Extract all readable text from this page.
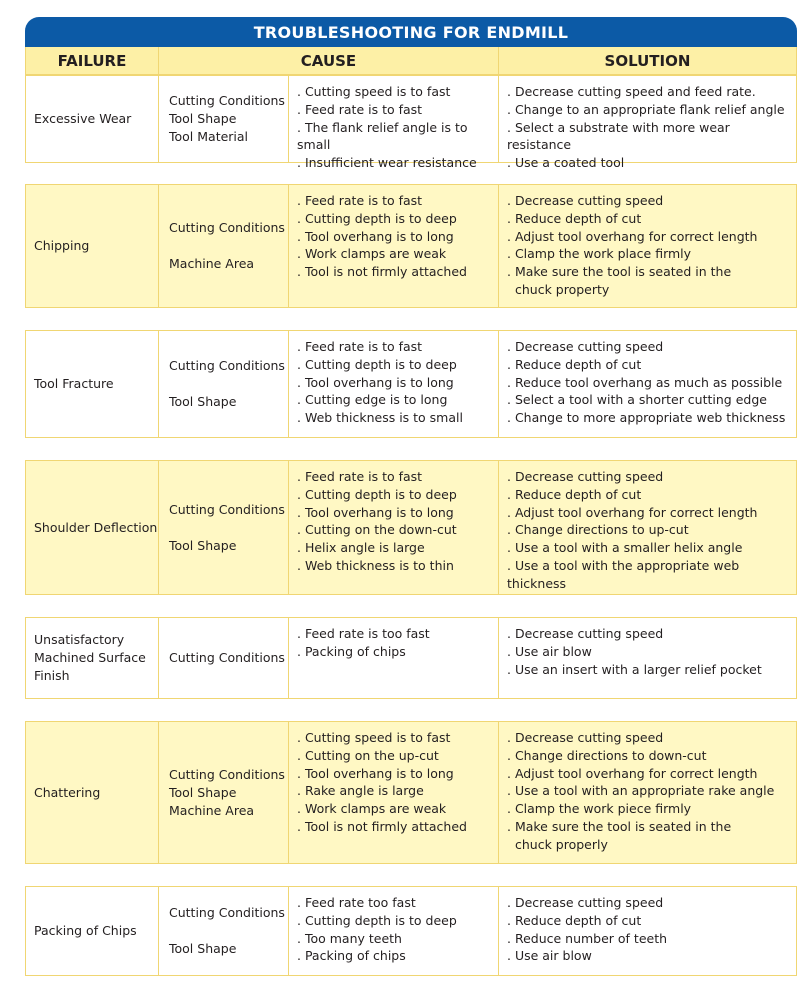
TROUBLESHOOTING FOR ENDMILL
FAILURE	CAUSE	SOLUTION
Excessive Wear
Cutting Conditions
Tool Shape
Tool Material
. Cutting speed is to fast
. Feed rate is to fast
. The flank relief angle is to small
. Insufficient wear resistance
. Decrease cutting speed and feed rate.
. Change to an appropriate flank relief angle
. Select a substrate with more wear resistance
. Use a coated tool
Chipping
Cutting Conditions

Machine Area
. Feed rate is to fast
. Cutting depth is to deep
. Tool overhang is to long
. Work clamps are weak
. Tool is not firmly attached
. Decrease cutting speed
. Reduce depth of cut
. Adjust tool overhang for correct length
. Clamp the work place firmly
. Make sure the tool is seated in the
chuck property
Tool Fracture
Cutting Conditions

Tool Shape
. Feed rate is to fast
. Cutting depth is to deep
. Tool overhang is to long
. Cutting edge is to long
. Web thickness is to small
. Decrease cutting speed
. Reduce depth of cut
. Reduce tool overhang as much as possible
. Select a tool with a shorter cutting edge
. Change to more appropriate web thickness
Shoulder Deflection
Cutting Conditions

Tool Shape
. Feed rate is to fast
. Cutting depth is to deep
. Tool overhang is to long
. Cutting on the down-cut
. Helix angle is large
. Web thickness is to thin
. Decrease cutting speed
. Reduce depth of cut
. Adjust tool overhang for correct length
. Change directions to up-cut
. Use a tool with a smaller helix angle
. Use a tool with the appropriate web thickness
Unsatisfactory
Machined Surface
Finish
Cutting Conditions
. Feed rate is too fast
. Packing of chips
. Decrease cutting speed
. Use air blow
. Use an insert with a larger relief pocket
Chattering
Cutting Conditions
Tool Shape
Machine Area
. Cutting speed is to fast
. Cutting on the up-cut
. Tool overhang is to long
. Rake angle is large
. Work clamps are weak
. Tool is not firmly attached
. Decrease cutting speed
. Change directions to down-cut
. Adjust tool overhang for correct length
. Use a tool with an appropriate rake angle
. Clamp the work piece firmly
. Make sure the tool is seated in the
chuck properly
Packing of Chips
Cutting Conditions

Tool Shape
. Feed rate too fast
. Cutting depth is to deep
. Too many teeth
. Packing of chips
. Decrease cutting speed
. Reduce depth of cut
. Reduce number of teeth
. Use air blow
